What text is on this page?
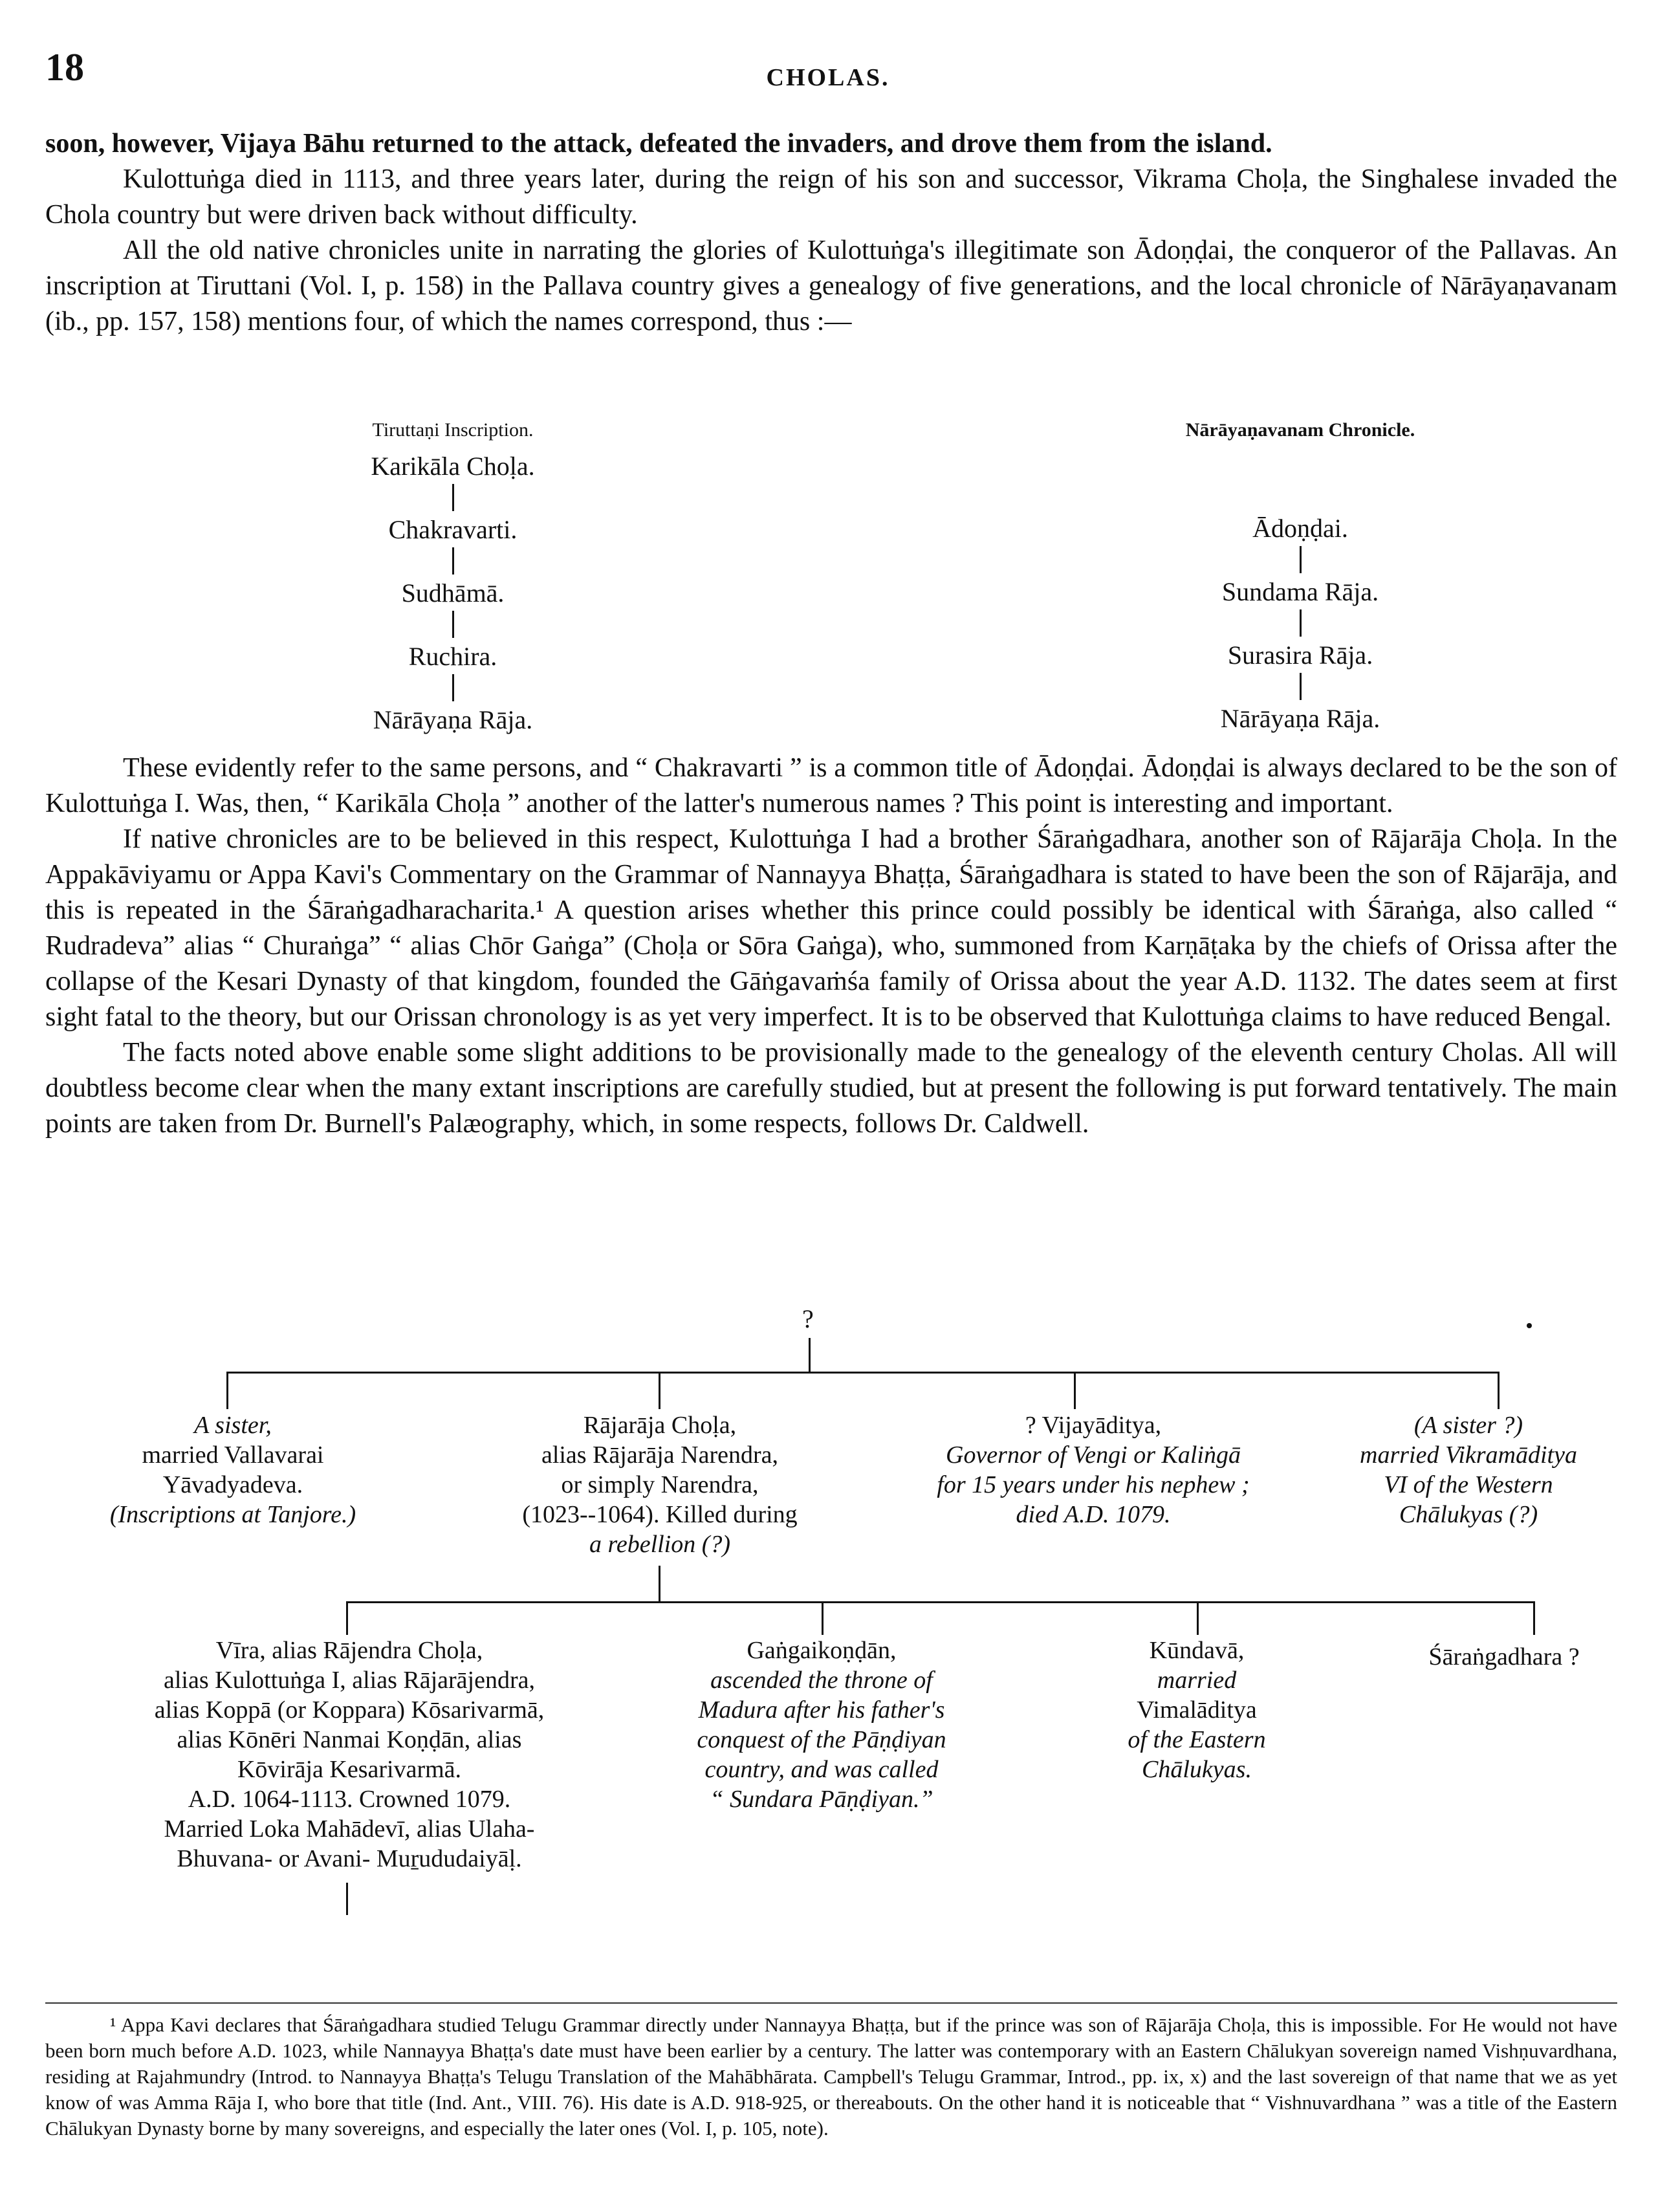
18	CHOLAS.

soon, however, Vijaya Bāhu returned to the attack, defeated the invaders, and drove them from the island.

Kulottuṅga died in 1113, and three years later, during the reign of his son and successor, Vikrama Choḷa, the Singhalese invaded the Chola country but were driven back without difficulty.

All the old native chronicles unite in narrating the glories of Kulottuṅga's illegitimate son Ādoṇḍai, the conqueror of the Pallavas. An inscription at Tiruttani (Vol. I, p. 158) in the Pallava country gives a genealogy of five generations, and the local chronicle of Nārāyaṇavanam (ib., pp. 157, 158) mentions four, of which the names correspond, thus :—

Tiruttaṇi Inscription.
Karikāla Choḷa.
Chakravarti.
Sudhāmā.
Ruchira.
Nārāyaṇa Rāja.
Nārāyaṇavanam Chronicle.
Ādoṇḍai.
Sundama Rāja.
Surasira Rāja.
Nārāyaṇa Rāja.

These evidently refer to the same persons, and “ Chakravarti ” is a common title of Ādoṇḍai. Ādoṇḍai is always declared to be the son of Kulottuṅga I. Was, then, “ Karikāla Choḷa ” another of the latter's numerous names ? This point is interesting and important.

If native chronicles are to be believed in this respect, Kulottuṅga I had a brother Śāraṅgadhara, another son of Rājarāja Choḷa. In the Appakāviyamu or Appa Kavi's Commentary on the Grammar of Nannayya Bhaṭṭa, Śāraṅgadhara is stated to have been the son of Rājarāja, and this is repeated in the Śāraṅgadharacharita.¹ A question arises whether this prince could possibly be identical with Śāraṅga, also called “ Rudradeva” alias “ Churaṅga” “ alias Chōr Gaṅga” (Choḷa or Sōra Gaṅga), who, summoned from Karṇāṭaka by the chiefs of Orissa after the collapse of the Kesari Dynasty of that kingdom, founded the Gāṅgavaṁśa family of Orissa about the year A.D. 1132. The dates seem at first sight fatal to the theory, but our Orissan chronology is as yet very imperfect. It is to be observed that Kulottuṅga claims to have reduced Bengal.

The facts noted above enable some slight additions to be provisionally made to the genealogy of the eleventh century Cholas. All will doubtless become clear when the many extant inscriptions are carefully studied, but at present the following is put forward tentatively. The main points are taken from Dr. Burnell's Palæography, which, in some respects, follows Dr. Caldwell.

?
A sister,
married Vallavarai
Yāvadyadeva.
(Inscriptions at Tanjore.)
Rājarāja Choḷa,
alias Rājarāja Narendra,
or simply Narendra,
(1023--1064). Killed during
a rebellion (?)
? Vijayāditya,
Governor of Vengi or Kaliṅgā
for 15 years under his nephew ;
died A.D. 1079.
(A sister ?)
married Vikramāditya
VI of the Western
Chālukyas (?)
Vīra, alias Rājendra Choḷa,
alias Kulottuṅga I, alias Rājarājendra,
alias Koppā (or Koppara) Kōsarivarmā,
alias Kōnēri Nanmai Koṇḍān, alias
Kōvirāja Kesarivarmā.
A.D. 1064-1113. Crowned 1079.
Married Loka Mahādevī, alias Ulaha-
Bhuvana- or Avani- Muṟududaiyāḷ.
Gaṅgaikoṇḍān,
ascended the throne of
Madura after his father's
conquest of the Pāṇḍiyan
country, and was called
“ Sundara Pāṇḍiyan.”
Kūndavā,
married
Vimalāditya
of the Eastern
Chālukyas.
Śāraṅgadhara ?

¹ Appa Kavi declares that Śāraṅgadhara studied Telugu Grammar directly under Nannayya Bhaṭṭa, but if the prince was son of Rājarāja Choḷa, this is impossible. For He would not have been born much before A.D. 1023, while Nannayya Bhaṭṭa's date must have been earlier by a century. The latter was contemporary with an Eastern Chālukyan sovereign named Vishṇuvardhana, residing at Rajahmundry (Introd. to Nannayya Bhaṭṭa's Telugu Translation of the Mahābhārata. Campbell's Telugu Grammar, Introd., pp. ix, x) and the last sovereign of that name that we as yet know of was Amma Rāja I, who bore that title (Ind. Ant., VIII. 76). His date is A.D. 918-925, or thereabouts. On the other hand it is noticeable that “ Vishnuvardhana ” was a title of the Eastern Chālukyan Dynasty borne by many sovereigns, and especially the later ones (Vol. I, p. 105, note).
